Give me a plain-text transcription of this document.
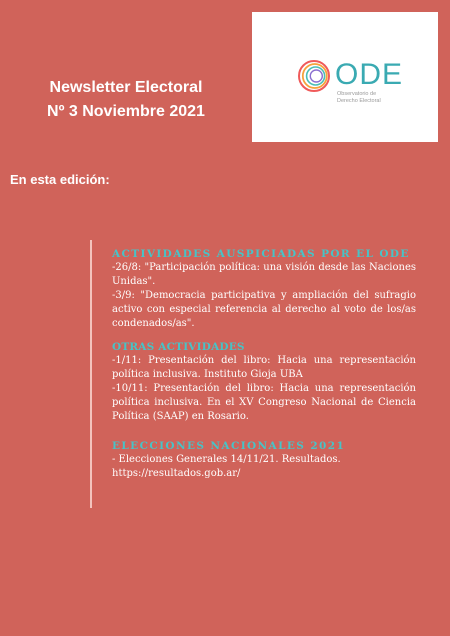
Newsletter Electoral
Nº 3 Noviembre 2021
ODE
Observatorio de
Derecho Electoral
En esta edición:

ACTIVIDADES AUSPICIADAS POR EL ODE

-26/8: "Participación política: una visión desde las Naciones Unidas".

-3/9: "Democracia participativa y ampliación del sufragio activo con especial referencia al derecho al voto de los/as condenados/as".

OTRAS ACTIVIDADES

-1/11: Presentación del libro: Hacia una representación política inclusiva. Instituto Gioja UBA

-10/11: Presentación del libro: Hacia una representación política inclusiva. En el XV Congreso Nacional de Ciencia Política (SAAP) en Rosario.

ELECCIONES NACIONALES 2021

- Elecciones Generales 14/11/21. Resultados.

https://resultados.gob.ar/
